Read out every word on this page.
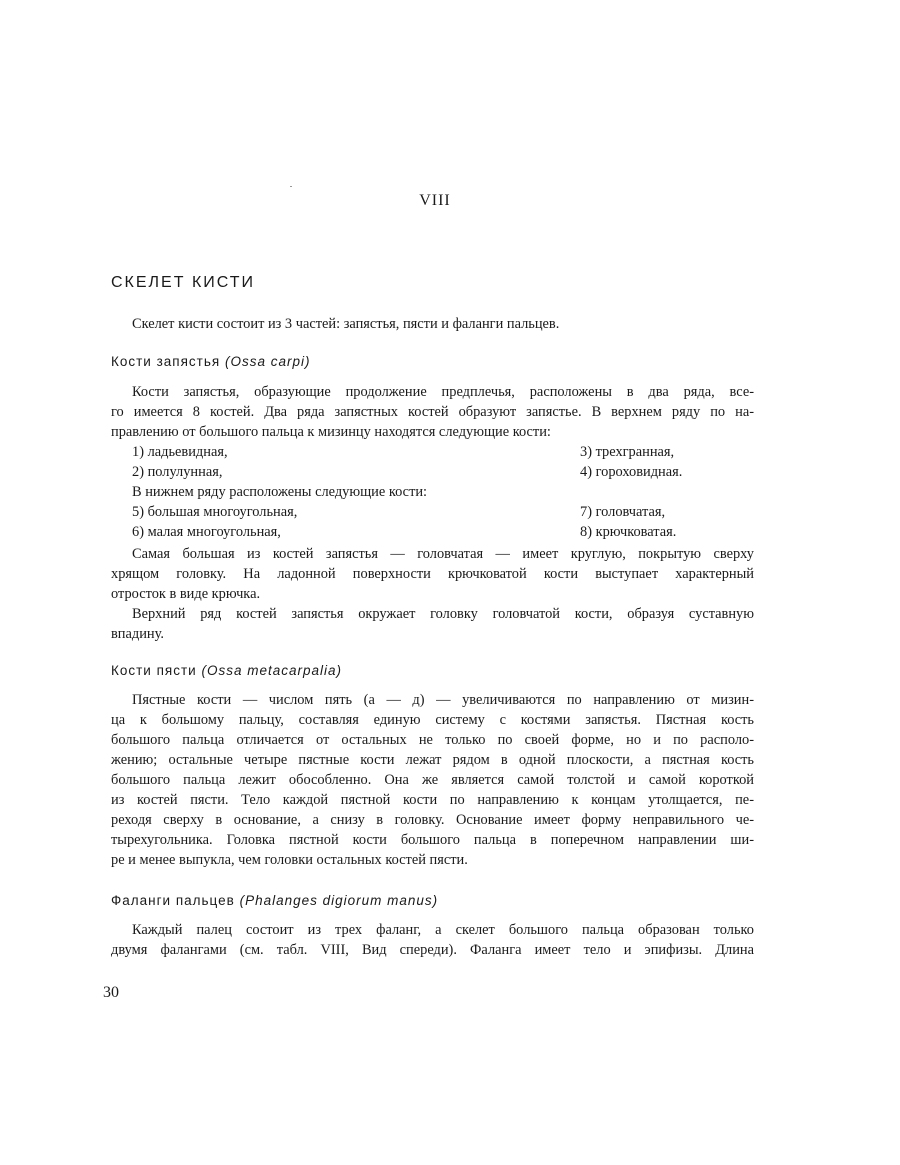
VIII
СКЕЛЕТ КИСТИ

Скелет кисти состоит из 3 частей: запястья, пясти и фаланги пальцев.

Кости запястья (Ossa carpi)

Кости запястья, образующие продолжение предплечья, расположены в два ряда, все-
го имеется 8 костей. Два ряда запястных костей образуют запястье. В верхнем ряду по на-
правлению от большого пальца к мизинцу находятся следующие кости:

1) ладьевидная,	3) трехгранная,
2) полулунная,	4) гороховидная.
В нижнем ряду расположены следующие кости:
5) большая многоугольная,	7) головчатая,
6) малая многоугольная,	8) крючковатая.

Самая большая из костей запястья — головчатая — имеет круглую, покрытую сверху
хрящом головку. На ладонной поверхности крючковатой кости выступает характерный
отросток в виде крючка.

Верхний ряд костей запястья окружает головку головчатой кости, образуя суставную
впадину.

Кости пясти (Ossa metacarpalia)

Пястные кости — числом пять (а — д) — увеличиваются по направлению от мизин-
ца к большому пальцу, составляя единую систему с костями запястья. Пястная кость
большого пальца отличается от остальных не только по своей форме, но и по располо-
жению; остальные четыре пястные кости лежат рядом в одной плоскости, а пястная кость
большого пальца лежит обособленно. Она же является самой толстой и самой короткой
из костей пясти. Тело каждой пястной кости по направлению к концам утолщается, пе-
реходя сверху в основание, а снизу в головку. Основание имеет форму неправильного че-
тырехугольника. Головка пястной кости большого пальца в поперечном направлении ши-
ре и менее выпукла, чем головки остальных костей пясти.

Фаланги пальцев (Phalanges digiorum manus)

Каждый палец состоит из трех фаланг, а скелет большого пальца образован только
двумя фалангами (см. табл. VIII, Вид спереди). Фаланга имеет тело и эпифизы. Длина

30
